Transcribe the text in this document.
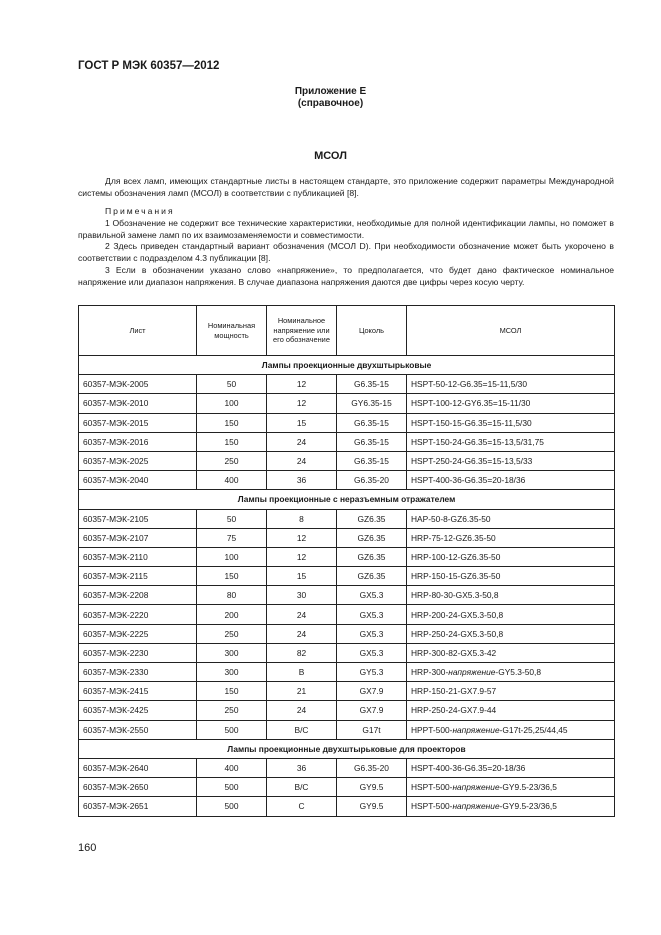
ГОСТ Р МЭК 60357—2012
Приложение Е
(справочное)
МСОЛ
Для всех ламп, имеющих стандартные листы в настоящем стандарте, это приложение содержит параметры Международной системы обозначения ламп (МСОЛ) в соответствии с публикацией [8].
Примечания
1 Обозначение не содержит все технические характеристики, необходимые для полной идентификации лампы, но поможет в правильной замене ламп по их взаимозаменяемости и совместимости.
2 Здесь приведен стандартный вариант обозначения (МСОЛ D). При необходимости обозначение может быть укорочено в соответствии с подразделом 4.3 публикации [8].
3 Если в обозначении указано слово «напряжение», то предполагается, что будет дано фактическое номинальное напряжение или диапазон напряжения. В случае диапазона напряжения даются две цифры через косую черту.
Лист	Номинальная мощность	Номинальное напряжение или его обозначение	Цоколь	МСОЛ
Лампы проекционные двухштырьковые				
60357-МЭК-2005	50	12	G6.35-15	HSPT-50-12-G6.35=15-11,5/30
60357-МЭК-2010	100	12	GY6.35-15	HSPT-100-12-GY6.35=15-11/30
60357-МЭК-2015	150	15	G6.35-15	HSPT-150-15-G6.35=15-11,5/30
60357-МЭК-2016	150	24	G6.35-15	HSPT-150-24-G6.35=15-13,5/31,75
60357-МЭК-2025	250	24	G6.35-15	HSPT-250-24-G6.35=15-13,5/33
60357-МЭК-2040	400	36	G6.35-20	HSPT-400-36-G6.35=20-18/36
Лампы проекционные с неразъемным отражателем				
60357-МЭК-2105	50	8	GZ6.35	HAP-50-8-GZ6.35-50
60357-МЭК-2107	75	12	GZ6.35	HRP-75-12-GZ6.35-50
60357-МЭК-2110	100	12	GZ6.35	HRP-100-12-GZ6.35-50
60357-МЭК-2115	150	15	GZ6.35	HRP-150-15-GZ6.35-50
60357-МЭК-2208	80	30	GX5.3	HRP-80-30-GX5.3-50,8
60357-МЭК-2220	200	24	GX5.3	HRP-200-24-GX5.3-50,8
60357-МЭК-2225	250	24	GX5.3	HRP-250-24-GX5.3-50,8
60357-МЭК-2230	300	82	GX5.3	HRP-300-82-GX5.3-42
60357-МЭК-2330	300	B	GY5.3	HRP-300-напряжение-GY5.3-50,8
60357-МЭК-2415	150	21	GX7.9	HRP-150-21-GX7.9-57
60357-МЭК-2425	250	24	GX7.9	HRP-250-24-GX7.9-44
60357-МЭК-2550	500	B/C	G17t	HPPT-500-напряжение-G17t-25,25/44,45
Лампы проекционные двухштырьковые для проекторов				
60357-МЭК-2640	400	36	G6.35-20	HSPT-400-36-G6.35=20-18/36
60357-МЭК-2650	500	B/C	GY9.5	HSPT-500-напряжение-GY9.5-23/36,5
60357-МЭК-2651	500	C	GY9.5	HSPT-500-напряжение-GY9.5-23/36,5
160
